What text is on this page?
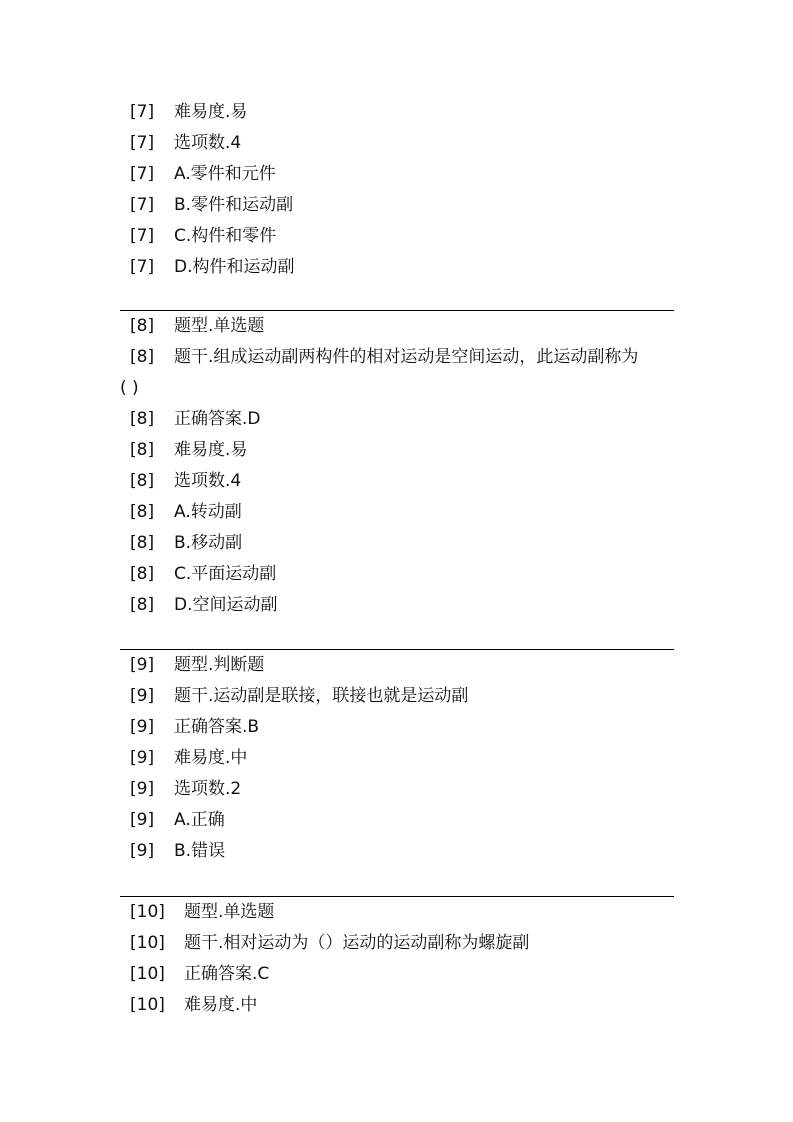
[7] 难易度.易
[7] 选项数.4
[7] A.零件和元件
[7] B.零件和运动副
[7] C.构件和零件
[7] D.构件和运动副
[8] 题型.单选题
[8] 题干.组成运动副两构件的相对运动是空间运动，此运动副称为
( )
[8] 正确答案.D
[8] 难易度.易
[8] 选项数.4
[8] A.转动副
[8] B.移动副
[8] C.平面运动副
[8] D.空间运动副
[9] 题型.判断题
[9] 题干.运动副是联接，联接也就是运动副
[9] 正确答案.B
[9] 难易度.中
[9] 选项数.2
[9] A.正确
[9] B.错误
[10] 题型.单选题
[10] 题干.相对运动为（）运动的运动副称为螺旋副
[10] 正确答案.C
[10] 难易度.中
